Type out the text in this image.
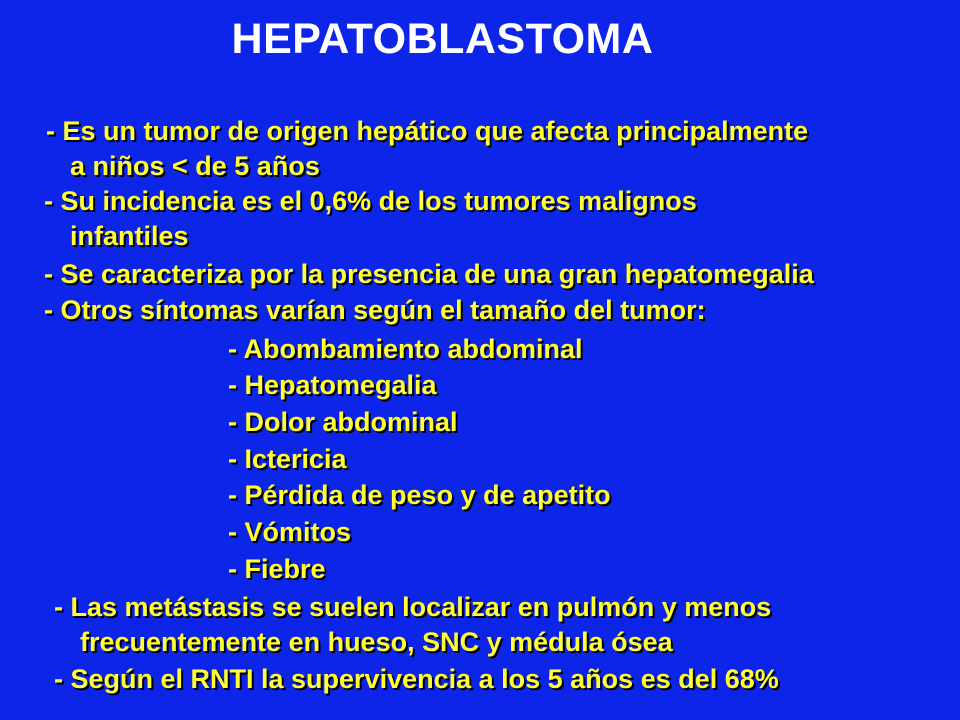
HEPATOBLASTOMA
- Es un tumor de origen hepático que afecta principalmente
a niños < de 5 años
- Su incidencia es el 0,6% de los tumores malignos
infantiles
- Se caracteriza por la presencia de una gran hepatomegalia
- Otros síntomas varían según el tamaño del tumor:
- Abombamiento abdominal
- Hepatomegalia
- Dolor abdominal
- Ictericia
- Pérdida de peso y de apetito
- Vómitos
- Fiebre
- Las metástasis se suelen localizar en pulmón y menos
frecuentemente en hueso, SNC y médula ósea
- Según el RNTI la supervivencia a los 5 años es del 68%
